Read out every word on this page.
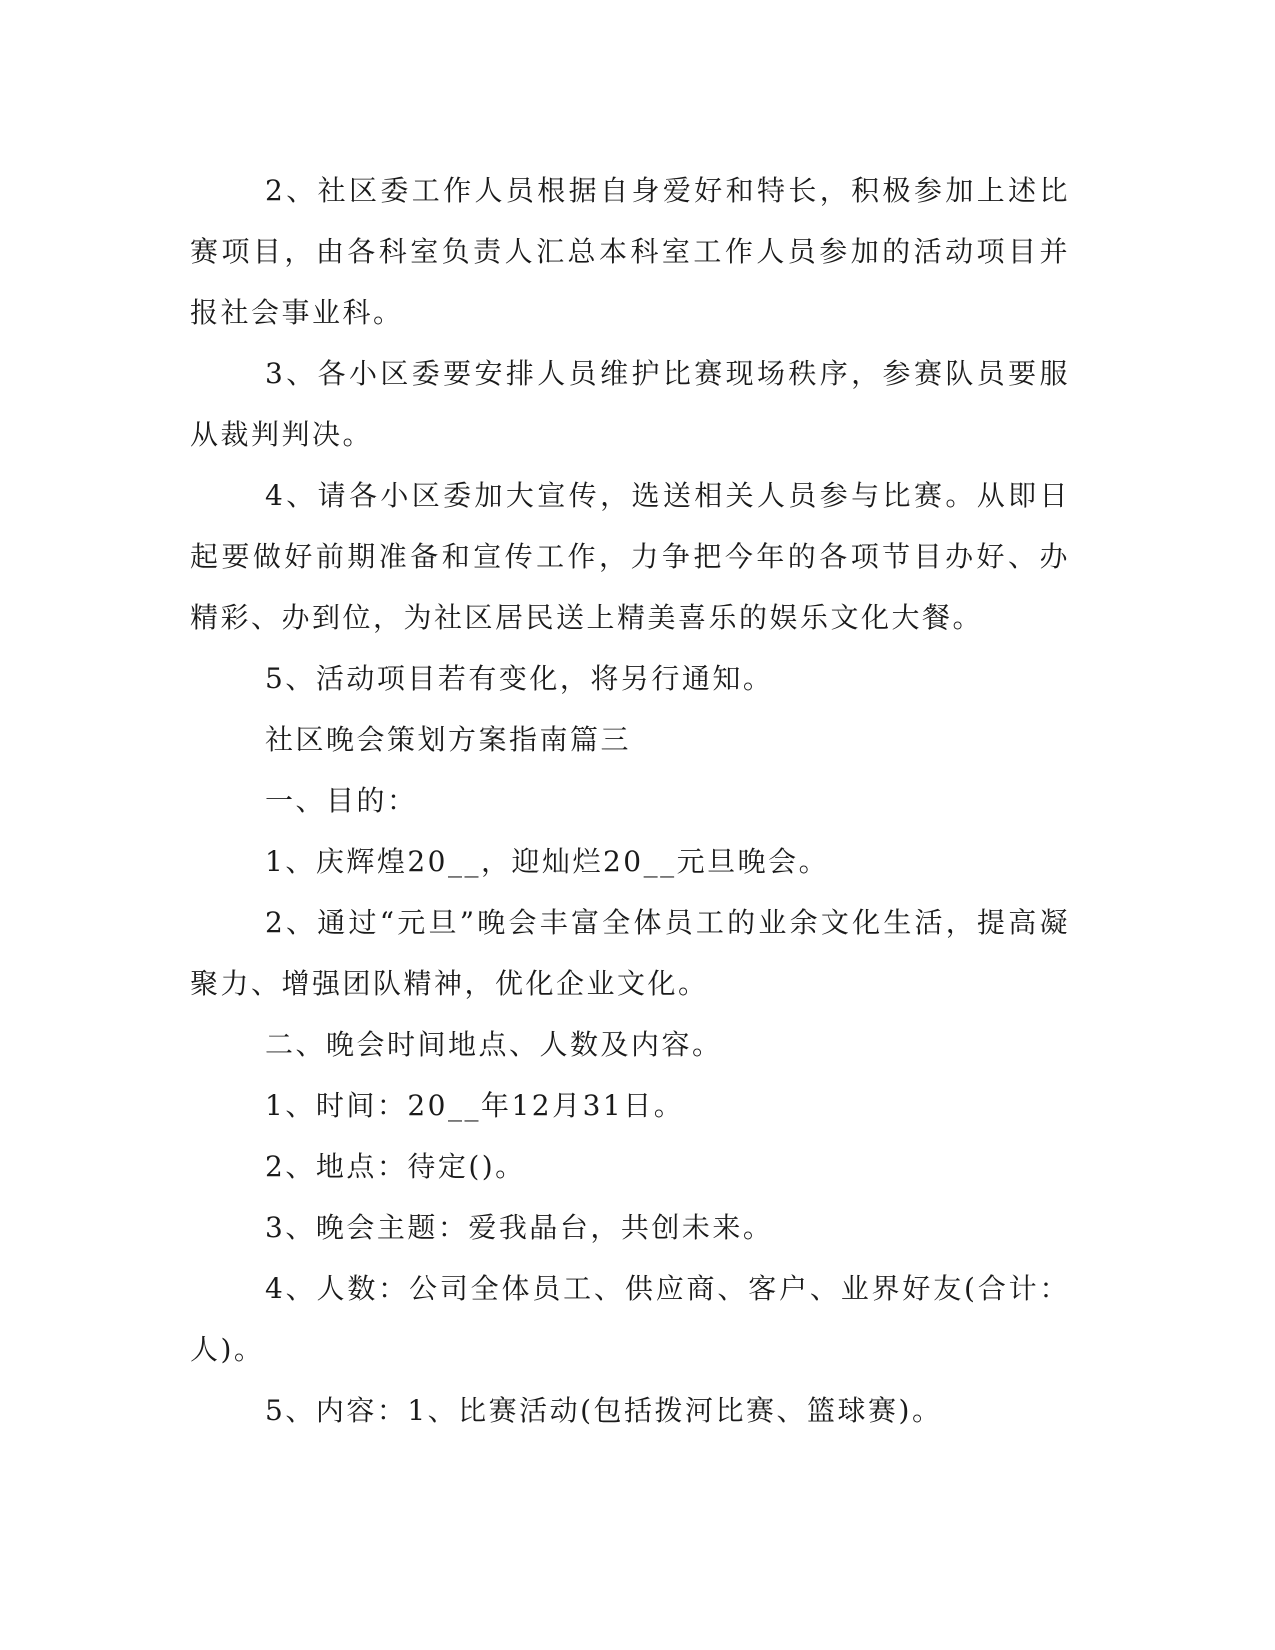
2、社区委工作人员根据自身爱好和特长，积极参加上述比赛项目，由各科室负责人汇总本科室工作人员参加的活动项目并报社会事业科。

3、各小区委要安排人员维护比赛现场秩序，参赛队员要服从裁判判决。

4、请各小区委加大宣传，选送相关人员参与比赛。从即日起要做好前期准备和宣传工作，力争把今年的各项节目办好、办精彩、办到位，为社区居民送上精美喜乐的娱乐文化大餐。

5、活动项目若有变化，将另行通知。

社区晚会策划方案指南篇三

一、目的：

1、庆辉煌20__，迎灿烂20__元旦晚会。

2、通过“元旦”晚会丰富全体员工的业余文化生活，提高凝聚力、增强团队精神，优化企业文化。

二、晚会时间地点、人数及内容。

1、时间：20__年12月31日。

2、地点：待定()。

3、晚会主题：爱我晶台，共创未来。

4、人数：公司全体员工、供应商、客户、业界好友(合计：人)。

5、内容：1、比赛活动(包括拨河比赛、篮球赛)。
